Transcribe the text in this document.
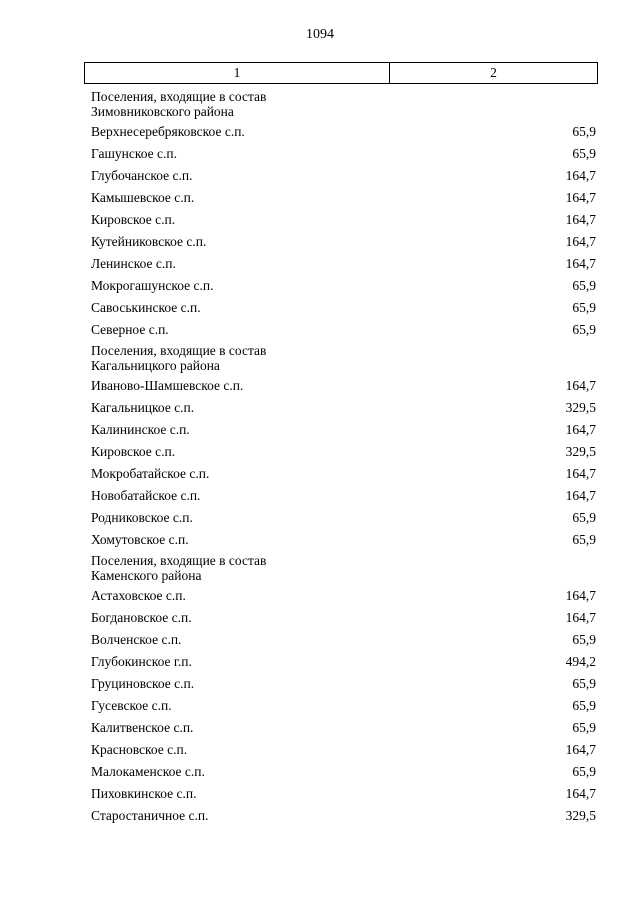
1094
1	2
Поселения, входящие в состав
Зимовниковского района
Верхнесеребряковское с.п.	65,9
Гашунское с.п.	65,9
Глубочанское с.п.	164,7
Камышевское с.п.	164,7
Кировское с.п.	164,7
Кутейниковское с.п.	164,7
Ленинское с.п.	164,7
Мокрогашунское с.п.	65,9
Савоськинское с.п.	65,9
Северное с.п.	65,9
Поселения, входящие в состав
Кагальницкого района
Иваново-Шамшевское с.п.	164,7
Кагальницкое с.п.	329,5
Калининское с.п.	164,7
Кировское с.п.	329,5
Мокробатайское с.п.	164,7
Новобатайское с.п.	164,7
Родниковское с.п.	65,9
Хомутовское с.п.	65,9
Поселения, входящие в состав
Каменского района
Астаховское с.п.	164,7
Богдановское с.п.	164,7
Волченское с.п.	65,9
Глубокинское г.п.	494,2
Груциновское с.п.	65,9
Гусевское с.п.	65,9
Калитвенское с.п.	65,9
Красновское с.п.	164,7
Малокаменское с.п.	65,9
Пиховкинское с.п.	164,7
Старостаничное с.п.	329,5
